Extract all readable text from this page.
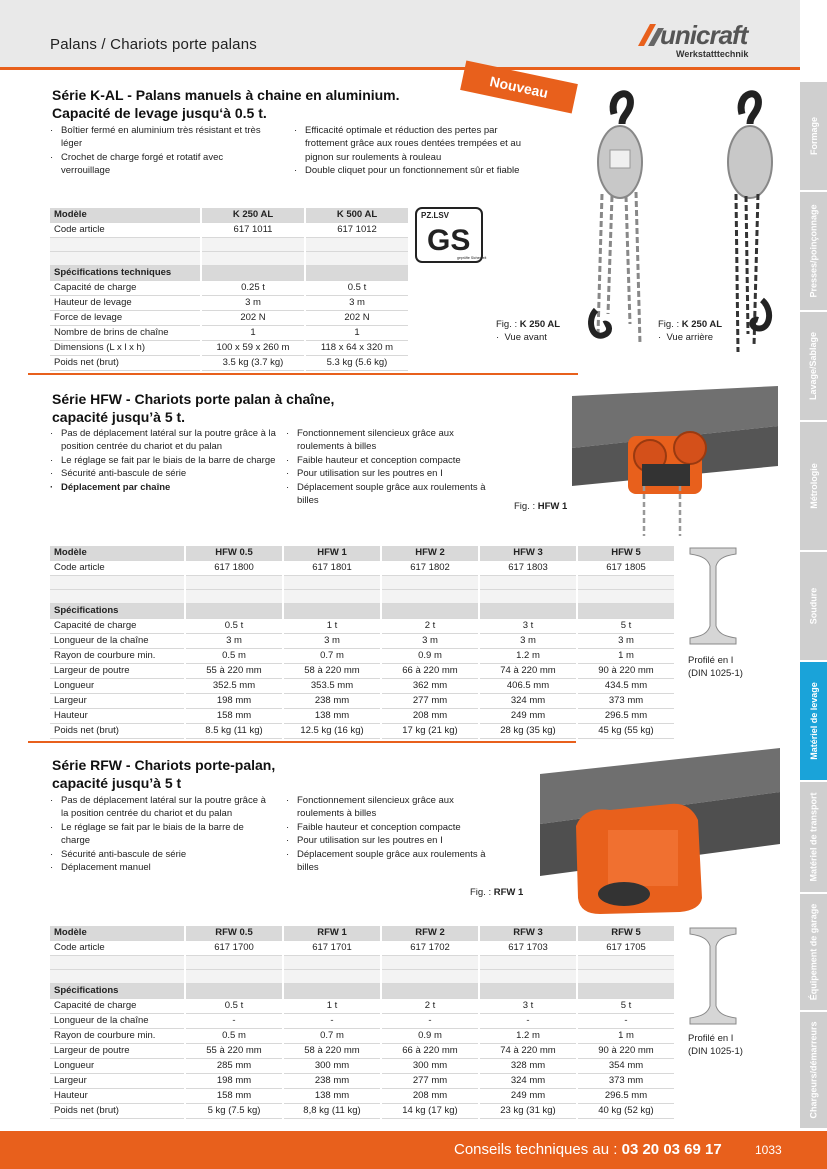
Palans / Chariots porte palans	unicraft
Werkstatttechnik
Formage
Presses/poinçonnage
Lavage/Sablage
Métrologie
Soudure
Matériel de levage
Matériel de transport
Équipement de garage
Chargeurs/démarreurs
Nouveau
Série K-AL - Palans manuels à chaine en aluminium.
Capacité de levage jusqu‘à 0.5 t.
· Boîtier fermé en aluminium très résistant et très léger
· Crochet de charge forgé et rotatif avec verrouillage
· Efficacité optimale et réduction des pertes par frottement grâce aux roues dentées trempées et au pignon sur roulements à rouleau
· Double cliquet pour un fonctionnement sûr et fiable
PZ.LSV
GS
geprüfte Sicherheit
Modèle	K 250 AL	K 500 AL
Code article	617 1011	617 1012

Spécifications techniques		
Capacité de charge	0.25 t	0.5 t
Hauteur de levage	3 m	3 m
Force de levage	202 N	202 N
Nombre de brins de chaîne	1	1
Dimensions (L x l x h)	100 x 59 x 260 m	118 x 64 x 320 m
Poids net (brut)	3.5 kg (3.7 kg)	5.3 kg (5.6 kg)
Fig. : K 250 AL
·  Vue avant
Fig. : K 250 AL
·  Vue arrière
Série HFW - Chariots porte palan à chaîne,
capacité jusqu’à 5 t.
· Pas de déplacement latéral sur la poutre grâce à la position centrée du chariot et du palan
· Le réglage se fait par le biais de la barre de charge
· Sécurité anti-bascule de série
· Déplacement par chaîne
· Fonctionnement silencieux grâce aux roulements à billes
· Faible hauteur et conception compacte
· Pour utilisation sur les poutres en I
· Déplacement souple grâce aux roulements à billes
Fig. : HFW 1
Modèle	HFW 0.5	HFW 1	HFW 2	HFW 3	HFW 5
Code article	617 1800	617 1801	617 1802	617 1803	617 1805

Spécifications					
Capacité de charge	0.5 t	1 t	2 t	3 t	5 t
Longueur de la chaîne	3 m	3 m	3 m	3 m	3 m
Rayon de courbure min.	0.5 m	0.7 m	0.9 m	1.2 m	1 m
Largeur de poutre	55 à 220 mm	58 à 220 mm	66 à 220 mm	74 à 220 mm	90 à 220 mm
Longueur	352.5 mm	353.5 mm	362 mm	406.5 mm	434.5 mm
Largeur	198 mm	238 mm	277 mm	324 mm	373 mm
Hauteur	158 mm	138 mm	208 mm	249 mm	296.5 mm
Poids net (brut)	8.5 kg (11 kg)	12.5 kg (16 kg)	17 kg (21 kg)	28 kg (35 kg)	45 kg (55 kg)
Profilé en I
(DIN 1025-1)
Série RFW - Chariots porte-palan,
capacité jusqu’à 5 t
· Pas de déplacement latéral sur la poutre grâce à la position centrée du chariot et du palan
· Le réglage se fait par le biais de la barre de charge
· Sécurité anti-bascule de série
· Déplacement manuel
· Fonctionnement silencieux grâce aux roulements à billes
· Faible hauteur et conception compacte
· Pour utilisation sur les poutres en I
· Déplacement souple grâce aux roulements à billes
Fig. : RFW 1
Modèle	RFW 0.5	RFW 1	RFW 2	RFW 3	RFW 5
Code article	617 1700	617 1701	617 1702	617 1703	617 1705

Spécifications					
Capacité de charge	0.5 t	1 t	2 t	3 t	5 t
Longueur de la chaîne	-	-	-	-	-
Rayon de courbure min.	0.5 m	0.7 m	0.9 m	1.2 m	1 m
Largeur de poutre	55 à 220 mm	58 à 220 mm	66 à 220 mm	74 à 220 mm	90 à 220 mm
Longueur	285 mm	300 mm	300 mm	328 mm	354 mm
Largeur	198 mm	238 mm	277 mm	324 mm	373 mm
Hauteur	158 mm	138 mm	208 mm	249 mm	296.5 mm
Poids net (brut)	5 kg (7.5 kg)	8,8 kg (11 kg)	14 kg (17 kg)	23 kg (31 kg)	40 kg (52 kg)
Profilé en I
(DIN 1025-1)
Conseils techniques au : 03 20 03 69 17	1033
